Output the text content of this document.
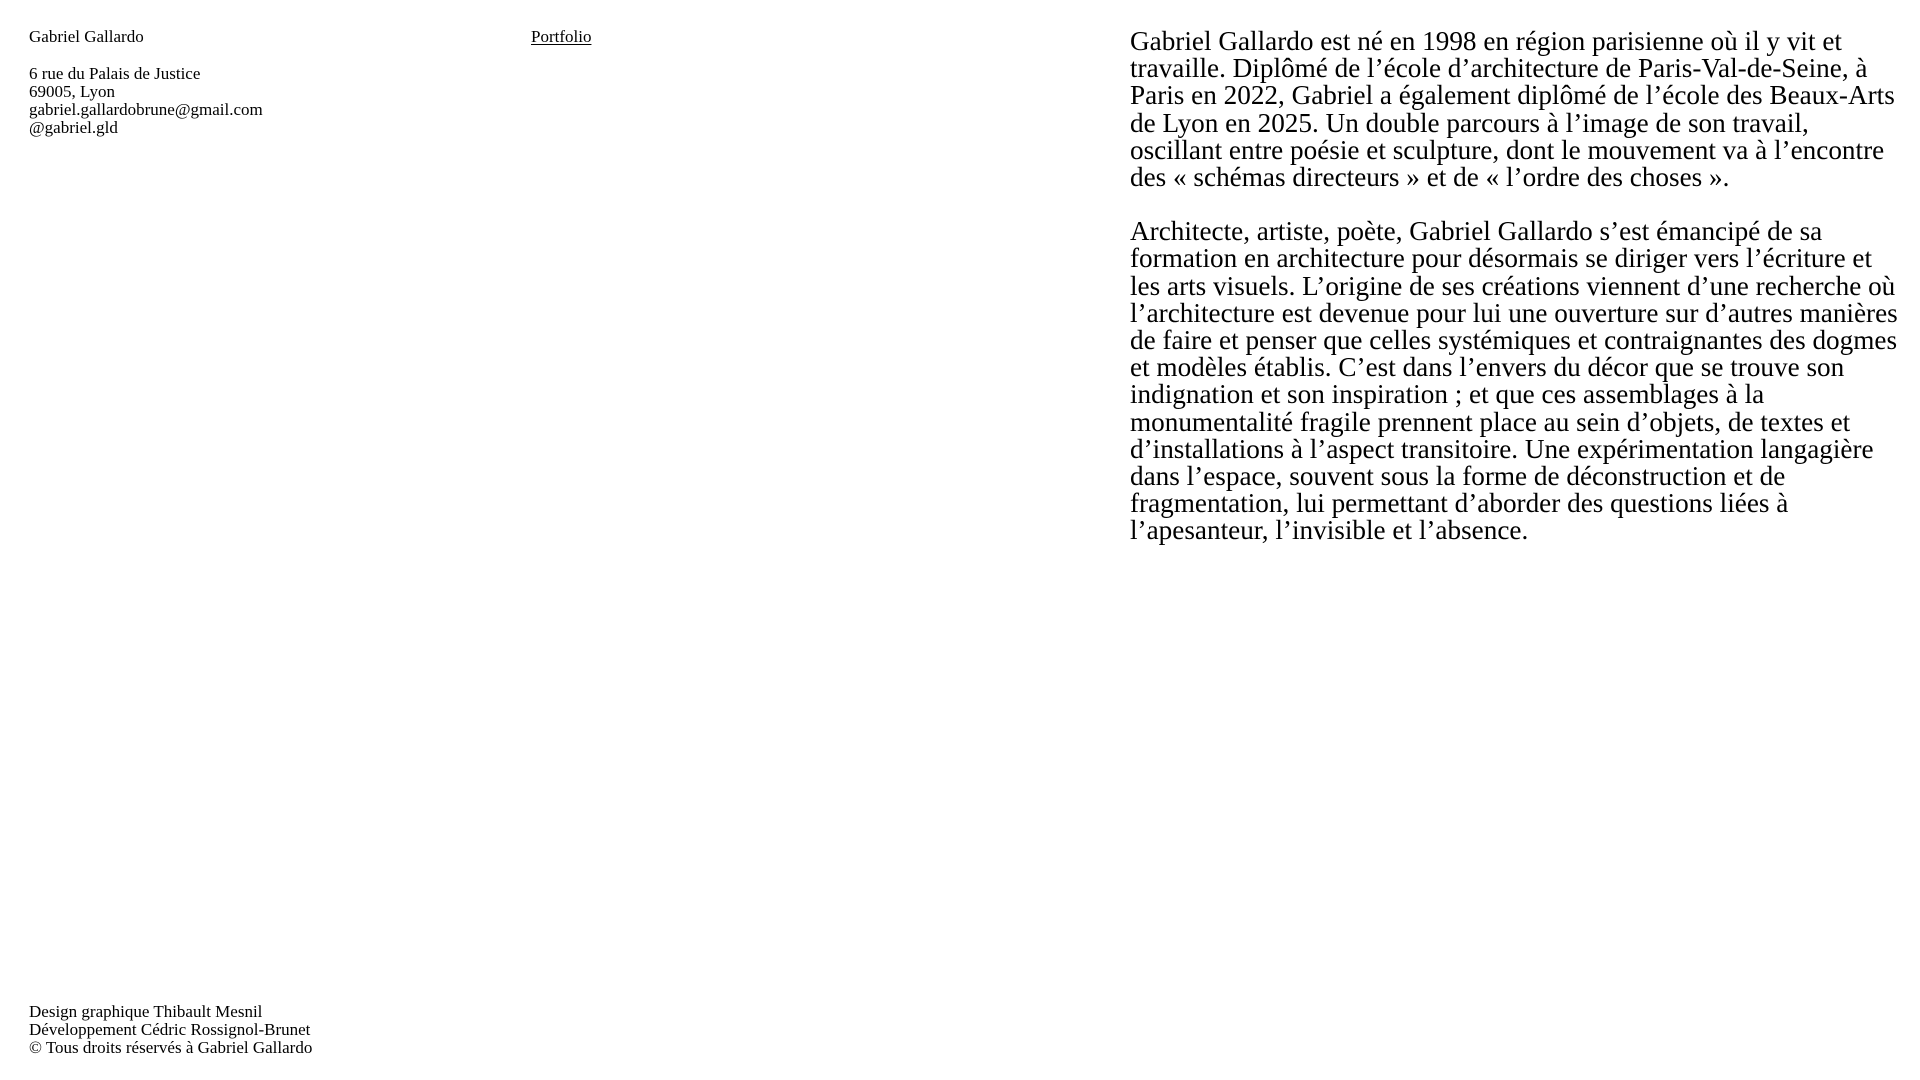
Gabriel Gallardo
6 rue du Palais de Justice
69005, Lyon
gabriel.gallardobrune@gmail.com
@gabriel.gld
Portfolio	Gabriel Gallardo est né en 1998 en région parisienne où il y vit et travaille. Diplômé de l’école d’architecture de Paris-Val-de-Seine, à Paris en 2022, Gabriel a également diplômé de l’école des Beaux-Arts de Lyon en 2025. Un double parcours à l’image de son travail, oscillant entre poésie et sculpture, dont le mouvement va à l’encontre des « schémas directeurs » et de « l’ordre des choses ».

Architecte, artiste, poète, Gabriel Gallardo s’est émancipé de sa formation en architecture pour désormais se diriger vers l’écriture et les arts visuels. L’origine de ses créations viennent d’une recherche où l’architecture est devenue pour lui une ouverture sur d’autres manières de faire et penser que celles systémiques et contraignantes des dogmes et modèles établis. C’est dans l’envers du décor que se trouve son indignation et son inspiration ; et que ces assemblages à la monumentalité fragile prennent place au sein d’objets, de textes et d’installations à l’aspect transitoire. Une expérimentation langagière dans l’espace, souvent sous la forme de déconstruction et de fragmentation, lui permettant d’aborder des questions liées à l’apesanteur, l’invisible et l’absence.

Design graphique Thibault Mesnil
Développement Cédric Rossignol-Brunet
© Tous droits réservés à Gabriel Gallardo
